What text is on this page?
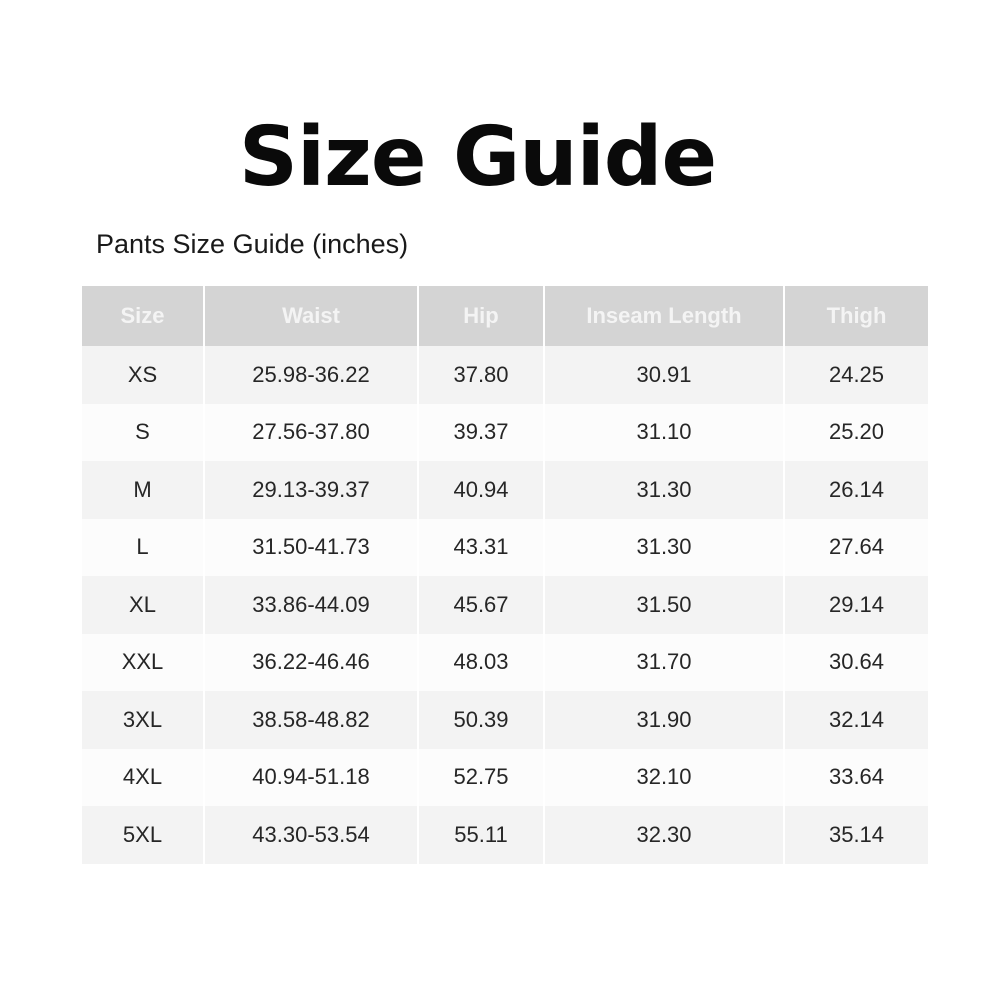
Size Guide
Pants Size Guide (inches)
Size	Waist	Hip	Inseam Length	Thigh
XS	25.98-36.22	37.80	30.91	24.25
S	27.56-37.80	39.37	31.10	25.20
M	29.13-39.37	40.94	31.30	26.14
L	31.50-41.73	43.31	31.30	27.64
XL	33.86-44.09	45.67	31.50	29.14
XXL	36.22-46.46	48.03	31.70	30.64
3XL	38.58-48.82	50.39	31.90	32.14
4XL	40.94-51.18	52.75	32.10	33.64
5XL	43.30-53.54	55.11	32.30	35.14
